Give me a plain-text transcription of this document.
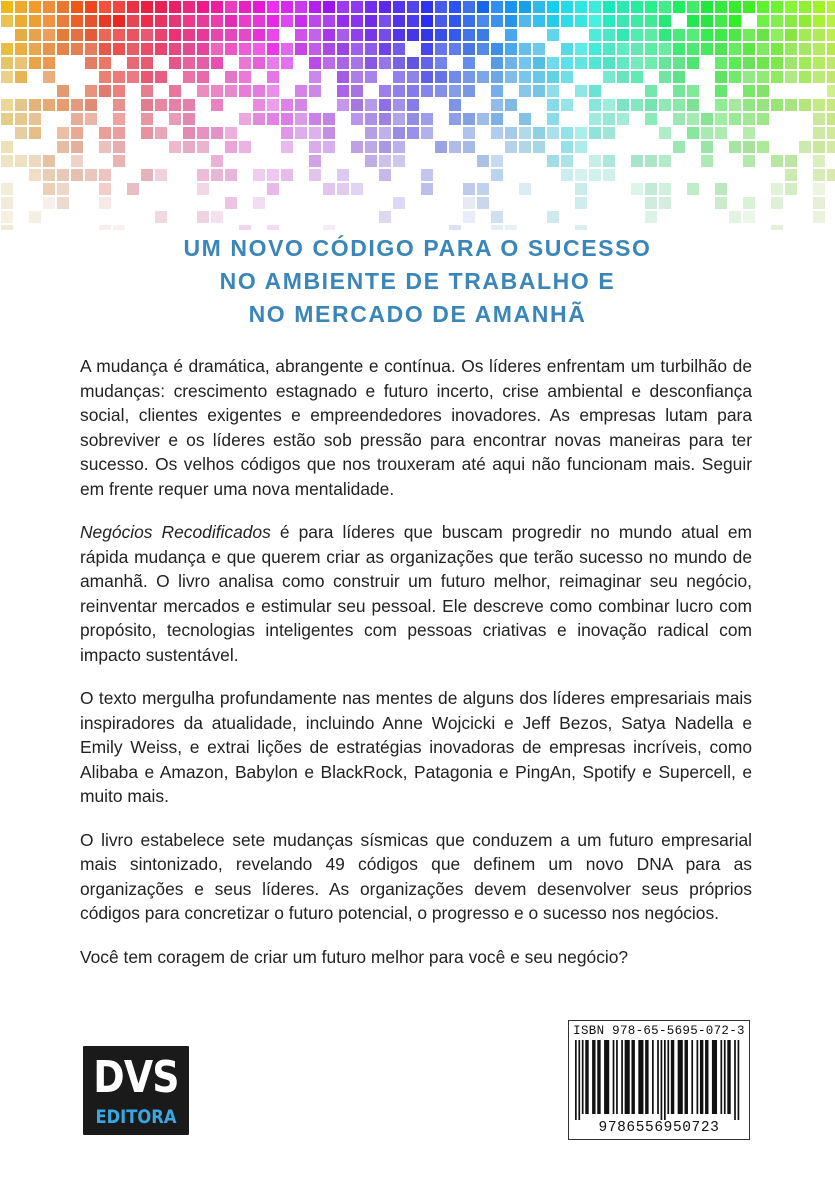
UM NOVO CÓDIGO PARA O SUCESSO
NO AMBIENTE DE TRABALHO E
NO MERCADO DE AMANHÃ

A mudança é dramática, abrangente e contínua. Os líderes enfrentam um turbilhão de mudanças: crescimento estagnado e futuro incerto, crise ambiental e desconfiança social, clientes exigentes e empreendedores inovadores. As empresas lutam para sobreviver e os líderes estão sob pressão para encontrar novas maneiras para ter sucesso. Os velhos códigos que nos trouxeram até aqui não funcionam mais. Seguir em frente requer uma nova mentalidade.

Negócios Recodificados é para líderes que buscam progredir no mundo atual em rápida mudança e que querem criar as organizações que terão sucesso no mundo de amanhã. O livro analisa como construir um futuro melhor, reimaginar seu negócio, reinventar mercados e estimular seu pessoal. Ele descreve como combinar lucro com propósito, tecnologias inteligentes com pessoas criativas e inovação radical com impacto sustentável.

O texto mergulha profundamente nas mentes de alguns dos líderes empresariais mais inspiradores da atualidade, incluindo Anne Wojcicki e Jeff Bezos, Satya Nadella e Emily Weiss, e extrai lições de estratégias inovadoras de empresas incríveis, como Alibaba e Amazon, Babylon e BlackRock, Patagonia e PingAn, Spotify e Supercell, e muito mais.

O livro estabelece sete mudanças sísmicas que conduzem a um futuro empresarial mais sintonizado, revelando 49 códigos que definem um novo DNA para as organizações e seus líderes. As organizações devem desenvolver seus próprios códigos para concretizar o futuro potencial, o progresso e o sucesso nos negócios.

Você tem coragem de criar um futuro melhor para você e seu negócio?

DVS
EDITORA
ISBN 978-65-5695-072-3
9786556950723
